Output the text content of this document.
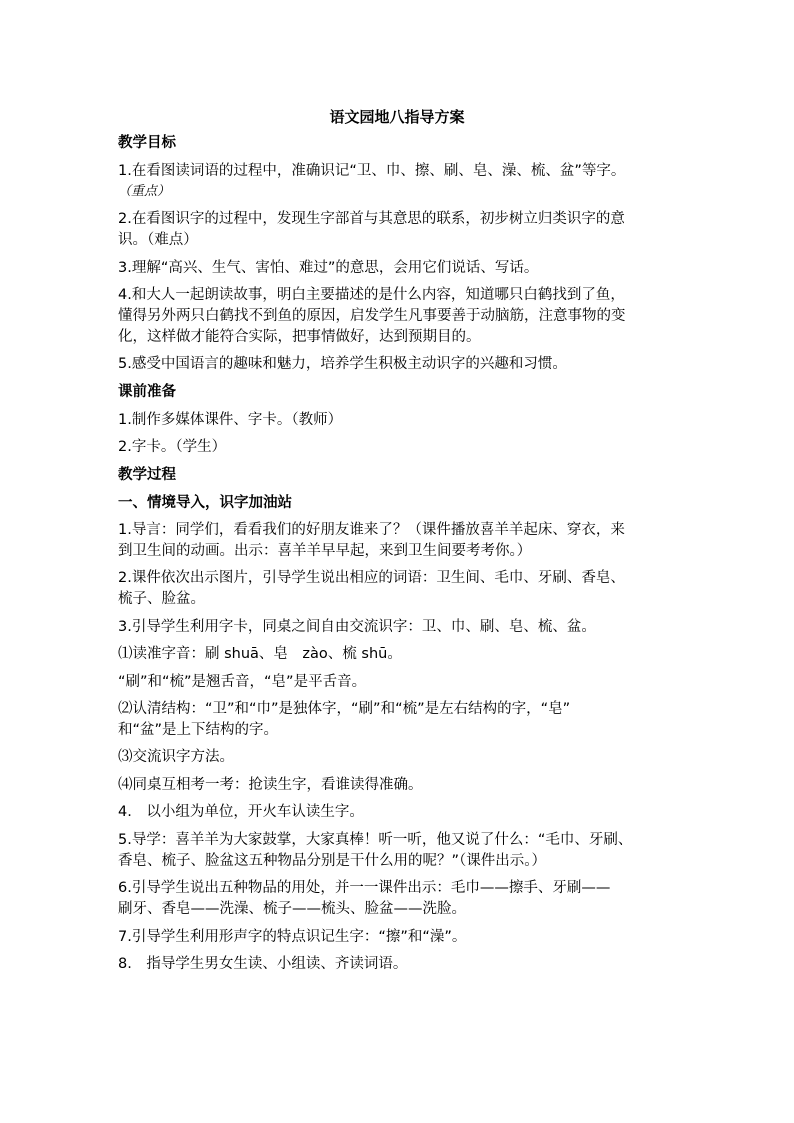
语文园地八指导方案
教学目标
1.在看图读词语的过程中，准确识记“卫、巾、擦、刷、皂、澡、梳、盆”等字。
（重点）
2.在看图识字的过程中，发现生字部首与其意思的联系，初步树立归类识字的意
识。（难点）
3.理解“高兴、生气、害怕、难过”的意思，会用它们说话、写话。
4.和大人一起朗读故事，明白主要描述的是什么内容，知道哪只白鹤找到了鱼，
懂得另外两只白鹤找不到鱼的原因，启发学生凡事要善于动脑筋，注意事物的变
化，这样做才能符合实际，把事情做好，达到预期目的。
5.感受中国语言的趣味和魅力，培养学生积极主动识字的兴趣和习惯。
课前准备
1.制作多媒体课件、字卡。（教师）
2.字卡。（学生）
教学过程
一、情境导入，识字加油站
1.导言：同学们，看看我们的好朋友谁来了？（课件播放喜羊羊起床、穿衣，来
到卫生间的动画。出示：喜羊羊早早起，来到卫生间要考考你。）
2.课件依次出示图片，引导学生说出相应的词语：卫生间、毛巾、牙刷、香皂、
梳子、脸盆。
3.引导学生利用字卡，同桌之间自由交流识字：卫、巾、刷、皂、梳、盆。
⑴读准字音：刷 shuā、皂　zào、梳 shū。
“刷”和“梳”是翘舌音，“皂”是平舌音。
⑵认清结构：“卫”和“巾”是独体字，“刷”和“梳”是左右结构的字，“皂”
和“盆”是上下结构的字。
⑶交流识字方法。
⑷同桌互相考一考：抢读生字，看谁读得准确。
4.　以小组为单位，开火车认读生字。
5.导学：喜羊羊为大家鼓掌，大家真棒！听一听，他又说了什么：“毛巾、牙刷、
香皂、梳子、脸盆这五种物品分别是干什么用的呢？”（课件出示。）
6.引导学生说出五种物品的用处，并一一课件出示：毛巾——擦手、牙刷——
刷牙、香皂——洗澡、梳子——梳头、脸盆——洗脸。
7.引导学生利用形声字的特点识记生字：“擦”和“澡”。
8.　指导学生男女生读、小组读、齐读词语。
